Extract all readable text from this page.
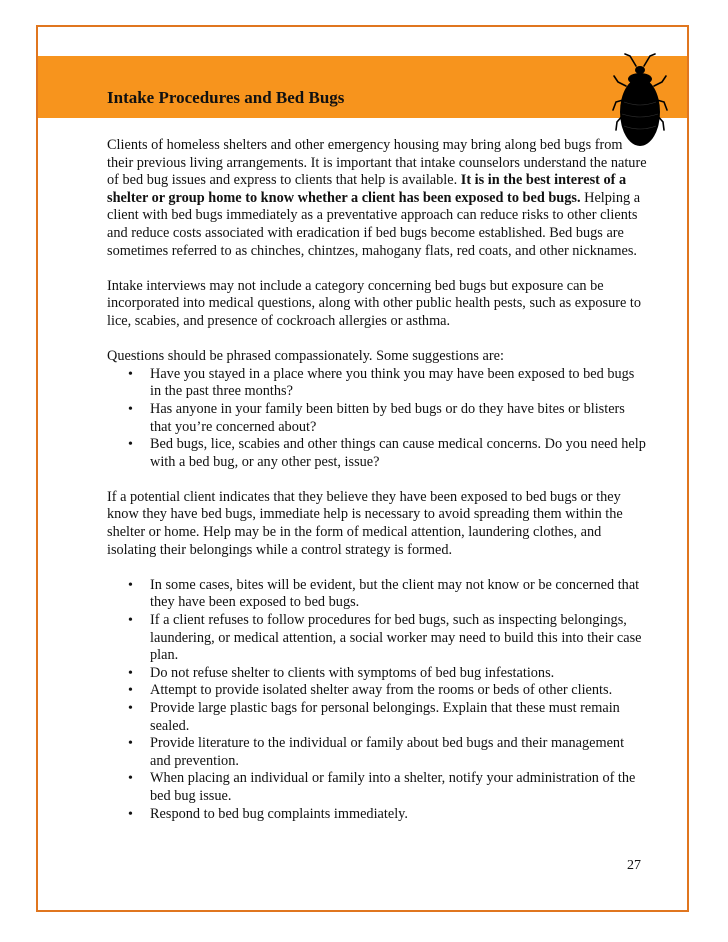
Intake Procedures and Bed Bugs

Clients of homeless shelters and other emergency housing may bring along bed bugs from their previous living arrangements. It is important that intake counselors understand the nature of bed bug issues and express to clients that help is available. It is in the best interest of a shelter or group home to know whether a client has been exposed to bed bugs. Helping a client with bed bugs immediately as a preventative approach can reduce risks to other clients and reduce costs associated with eradication if bed bugs become established. Bed bugs are sometimes referred to as chinches, chintzes, mahogany flats, red coats, and other nicknames.

Intake interviews may not include a category concerning bed bugs but exposure can be incorporated into medical questions, along with other public health pests, such as exposure to lice, scabies, and presence of cockroach allergies or asthma.

Questions should be phrased compassionately. Some suggestions are:

• Have you stayed in a place where you think you may have been exposed to bed bugs in the past three months?
• Has anyone in your family been bitten by bed bugs or do they have bites or blisters that you’re concerned about?
• Bed bugs, lice, scabies and other things can cause medical concerns. Do you need help with a bed bug, or any other pest, issue?

If a potential client indicates that they believe they have been exposed to bed bugs or they know they have bed bugs, immediate help is necessary to avoid spreading them within the shelter or home. Help may be in the form of medical attention, laundering clothes, and isolating their belongings while a control strategy is formed.

• In some cases, bites will be evident, but the client may not know or be concerned that they have been exposed to bed bugs.
• If a client refuses to follow procedures for bed bugs, such as inspecting belongings, laundering, or medical attention, a social worker may need to build this into their case plan.
• Do not refuse shelter to clients with symptoms of bed bug infestations.
• Attempt to provide isolated shelter away from the rooms or beds of other clients.
• Provide large plastic bags for personal belongings. Explain that these must remain sealed.
• Provide literature to the individual or family about bed bugs and their management and prevention.
• When placing an individual or family into a shelter, notify your administration of the bed bug issue.
• Respond to bed bug complaints immediately.
27
